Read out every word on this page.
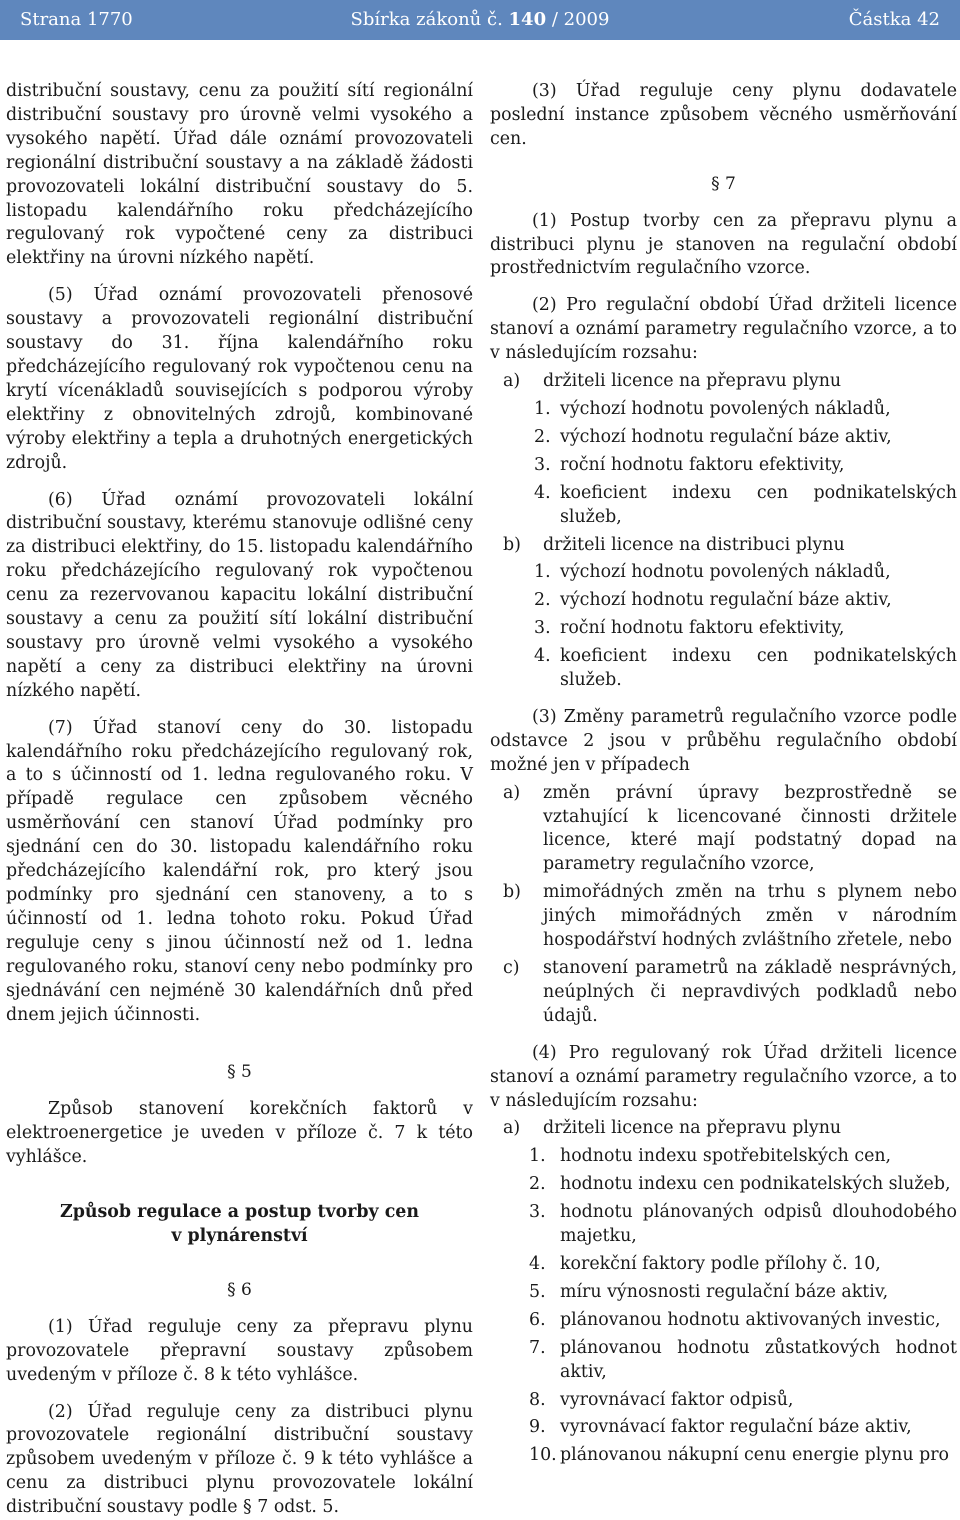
Strana 1770	Sbírka zákonů č. 140 / 2009	Částka 42

distribuční soustavy, cenu za použití sítí regionální distribuční soustavy pro úrovně velmi vysokého a vysokého napětí. Úřad dále oznámí provozovateli regionální distribuční soustavy a na základě žádosti provozovateli lokální distribuční soustavy do 5. listopadu kalendářního roku předcházejícího regulovaný rok vypočtené ceny za distribuci elektřiny na úrovni nízkého napětí.

(5) Úřad oznámí provozovateli přenosové soustavy a provozovateli regionální distribuční soustavy do 31. října kalendářního roku předcházejícího regulovaný rok vypočtenou cenu na krytí vícenákladů souvisejících s podporou výroby elektřiny z obnovitelných zdrojů, kombinované výroby elektřiny a tepla a druhotných energetických zdrojů.

(6) Úřad oznámí provozovateli lokální distribuční soustavy, kterému stanovuje odlišné ceny za distribuci elektřiny, do 15. listopadu kalendářního roku předcházejícího regulovaný rok vypočtenou cenu za rezervovanou kapacitu lokální distribuční soustavy a cenu za použití sítí lokální distribuční soustavy pro úrovně velmi vysokého a vysokého napětí a ceny za distribuci elektřiny na úrovni nízkého napětí.

(7) Úřad stanoví ceny do 30. listopadu kalendářního roku předcházejícího regulovaný rok, a to s účinností od 1. ledna regulovaného roku. V případě regulace cen způsobem věcného usměrňování cen stanoví Úřad podmínky pro sjednání cen do 30. listopadu kalendářního roku předcházejícího kalendářní rok, pro který jsou podmínky pro sjednání cen stanoveny, a to s účinností od 1. ledna tohoto roku. Pokud Úřad reguluje ceny s jinou účinností než od 1. ledna regulovaného roku, stanoví ceny nebo podmínky pro sjednávání cen nejméně 30 kalendářních dnů před dnem jejich účinnosti.

§ 5

Způsob stanovení korekčních faktorů v elektroenergetice je uveden v příloze č. 7 k této vyhlášce.

Způsob regulace a postup tvorby cen
v plynárenství
§ 6

(1) Úřad reguluje ceny za přepravu plynu provozovatele přepravní soustavy způsobem uvedeným v příloze č. 8 k této vyhlášce.

(2) Úřad reguluje ceny za distribuci plynu provozovatele regionální distribuční soustavy způsobem uvedeným v příloze č. 9 k této vyhlášce a cenu za distribuci plynu provozovatele lokální distribuční soustavy podle § 7 odst. 5.

(3) Úřad reguluje ceny plynu dodavatele poslední instance způsobem věcného usměrňování cen.

§ 7

(1) Postup tvorby cen za přepravu plynu a distribuci plynu je stanoven na regulační období prostřednictvím regulačního vzorce.

(2) Pro regulační období Úřad držiteli licence stanoví a oznámí parametry regulačního vzorce, a to v následujícím rozsahu:

a)	držiteli licence na přepravu plynu
1. výchozí hodnotu povolených nákladů,
2. výchozí hodnotu regulační báze aktiv,
3. roční hodnotu faktoru efektivity,
4. koeficient indexu cen podnikatelských služeb,
b)	držiteli licence na distribuci plynu
1. výchozí hodnotu povolených nákladů,
2. výchozí hodnotu regulační báze aktiv,
3. roční hodnotu faktoru efektivity,
4. koeficient indexu cen podnikatelských služeb.

(3) Změny parametrů regulačního vzorce podle odstavce 2 jsou v průběhu regulačního období možné jen v případech

a)	změn právní úpravy bezprostředně se vztahující k licencované činnosti držitele licence, které mají podstatný dopad na parametry regulačního vzorce,
b)	mimořádných změn na trhu s plynem nebo jiných mimořádných změn v národním hospodářství hodných zvláštního zřetele, nebo
c)	stanovení parametrů na základě nesprávných, neúplných či nepravdivých podkladů nebo údajů.

(4) Pro regulovaný rok Úřad držiteli licence stanoví a oznámí parametry regulačního vzorce, a to v následujícím rozsahu:

a)	držiteli licence na přepravu plynu
1. hodnotu indexu spotřebitelských cen,
2. hodnotu indexu cen podnikatelských služeb,
3. hodnotu plánovaných odpisů dlouhodobého majetku,
4. korekční faktory podle přílohy č. 10,
5. míru výnosnosti regulační báze aktiv,
6. plánovanou hodnotu aktivovaných investic,
7. plánovanou hodnotu zůstatkových hodnot aktiv,
8. vyrovnávací faktor odpisů,
9. vyrovnávací faktor regulační báze aktiv,
10. plánovanou nákupní cenu energie plynu pro
